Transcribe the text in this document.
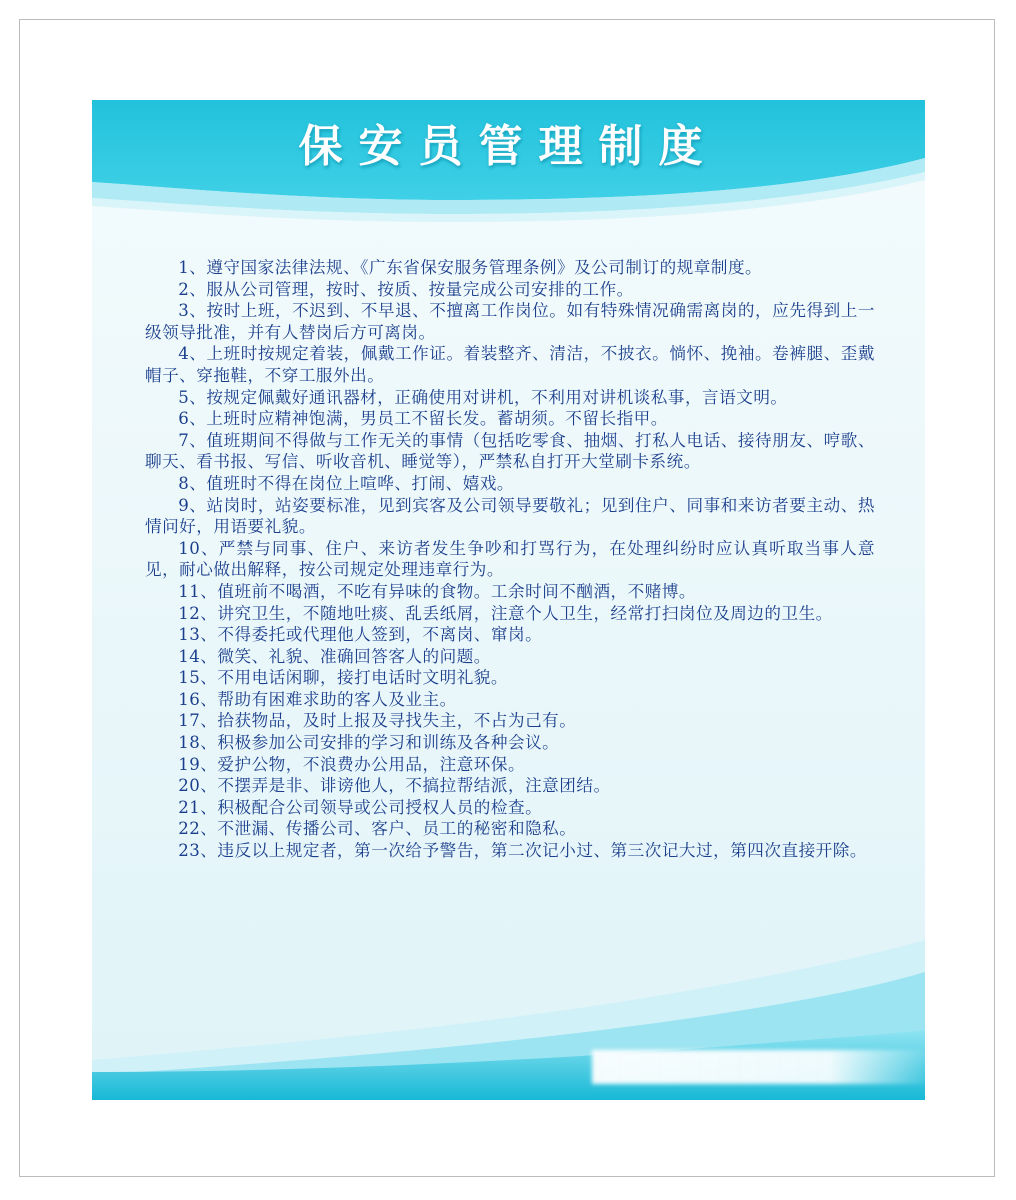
保安员管理制度

1、遵守国家法律法规、《广东省保安服务管理条例》及公司制订的规章制度。

2、服从公司管理，按时、按质、按量完成公司安排的工作。

3、按时上班，不迟到、不早退、不擅离工作岗位。如有特殊情况确需离岗的，应先得到上一级领导批准，并有人替岗后方可离岗。

4、上班时按规定着装，佩戴工作证。着装整齐、清洁，不披衣。惝怀、挽袖。卷裤腿、歪戴帽子、穿拖鞋，不穿工服外出。

5、按规定佩戴好通讯器材，正确使用对讲机，不利用对讲机谈私事，言语文明。

6、上班时应精神饱满，男员工不留长发。蓄胡须。不留长指甲。

7、值班期间不得做与工作无关的事情（包括吃零食、抽烟、打私人电话、接待朋友、哼歌、聊天、看书报、写信、听收音机、睡觉等），严禁私自打开大堂刷卡系统。

8、值班时不得在岗位上喧哗、打闹、嬉戏。

9、站岗时，站姿要标准，见到宾客及公司领导要敬礼；见到住户、同事和来访者要主动、热情问好，用语要礼貌。

10、严禁与同事、住户、来访者发生争吵和打骂行为，在处理纠纷时应认真听取当事人意见，耐心做出解释，按公司规定处理违章行为。

11、值班前不喝酒，不吃有异味的食物。工余时间不酗酒，不赌博。

12、讲究卫生，不随地吐痰、乱丢纸屑，注意个人卫生，经常打扫岗位及周边的卫生。

13、不得委托或代理他人签到，不离岗、窜岗。

14、微笑、礼貌、准确回答客人的问题。

15、不用电话闲聊，接打电话时文明礼貌。

16、帮助有困难求助的客人及业主。

17、拾获物品，及时上报及寻找失主，不占为己有。

18、积极参加公司安排的学习和训练及各种会议。

19、爱护公物，不浪费办公用品，注意环保。

20、不摆弄是非、诽谤他人，不搞拉帮结派，注意团结。

21、积极配合公司领导或公司授权人员的检查。

22、不泄漏、传播公司、客户、员工的秘密和隐私。

23、违反以上规定者，第一次给予警告，第二次记小过、第三次记大过，第四次直接开除。
